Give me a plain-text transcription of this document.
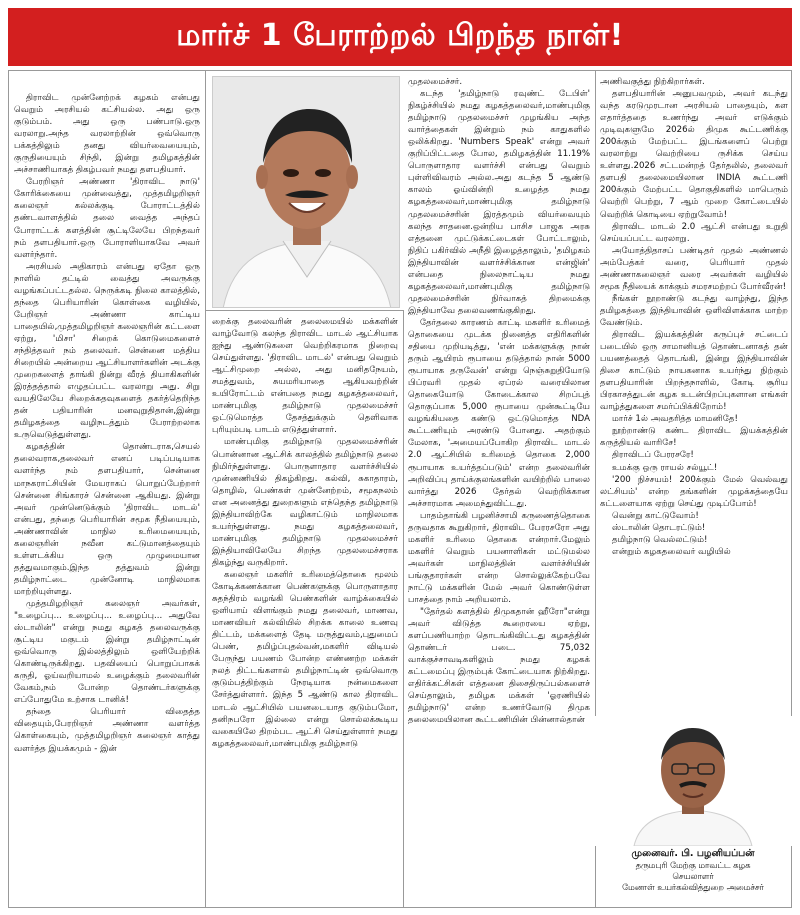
மார்ச் 1 பேராற்றல் பிறந்த நாள்!

திராவிட முன்னேற்றக் கழகம் என்பது வெறும் அரசியல் கட்சியல்ல. அது ஒரு குடும்பம். அது ஒரு பண்பாடு.ஒரு வரலாறு.அந்த வரலாற்றின் ஒவ்வொரு பக்கத்திலும் தனது வியர்வையையும், குருதியையும் சிந்தி, இன்று தமிழகத்தின் அச்சாணியாகத் திகழ்பவர் நமது தளபதியார்.

பேரறிஞர் அண்ணா 'திராவிட நாடு' கோரிக்கையை முன்வைத்து, முத்தமிழறிஞர் கலைஞர் கல்லக்குடி போராட்டத்தில் தண்டவாளத்தில் தலை வைத்த அந்தப் போராட்டக் களத்தின் சூட்டிலேயே பிறந்தவர் நம் தளபதியார்.ஒரு போராளியாகவே அவர் வளர்ந்தார்.

அரசியல் அதிகாரம் என்பது ஏதோ ஒரு நாளில் தட்டில் வைத்து அவருக்கு வழங்கப்பட்டதல்ல. நெருக்கடி நிலை காலத்தில், தந்தை பெரியாரின் கொள்கை வழியில், பேறிஞர் அண்ணா காட்டிய பாதையில்,முத்தமிழறிஞர் கலைஞரின் கட்டளை ஏற்று, 'மிசா' சிறைக் கொடுமைகளைச் சந்தித்தவர் நம் தலைவர். சென்னை மத்திய சிறையில் அன்றைய ஆட்சியாளர்களின் அடக்கு முறைகளைத் தாங்கி நின்று வீரத் தியாகிகளின் இரத்தத்தால் எழுதப்பட்ட வரலாறு அது. சிறு வயதிலேயே சிறைக்கதவுகளைத் தகர்த்தெறிந்த தன் பதியாரின் மனவுறுதிதான்,இன்று தமிழகத்தை வழிநடத்தும் பேராற்றலாக உருவெடுத்துள்ளது.

கழகத்தின் தொண்டராக,செயல் தலைவராக,தலைவர் எனப் படிப்படியாக வளர்ந்த நம் தளபதியார், சென்னை மாநகராட்சியின் மேயராகப் பொறுப்பேற்றார் சென்னை சிங்காரச் சென்னை ஆகியது. இன்று அவர் முன்னெடுக்கும் 'திராவிட மாடல்' என்பது, தந்தை பெரியாரின் சமூக நீதியையும், அண்ணாவின் மாநில உரிமையையும், கலைஞரின் நவீன கட்டுமானத்தையும் உள்ளடக்கிய ஒரு முழுமையான தத்துவமாகும்.இந்த தத்துவம் இன்று தமிழ்நாட்டை முன்னோடி மாநிலமாக மாற்றியுள்ளது.

முத்தமிழறிஞர் கலைஞர் அவர்கள், "உழைப்பு... உழைப்பு... உழைப்பு... அதுவே ஸ்டாலின்" என்று நமது கழகத் தலைவருக்கு சூட்டிய மகுடம் இன்று தமிழ்நாட்டின் ஒவ்வொரு இல்லத்திலும் ஒளியேற்றிக் கொண்டிருக்கிறது. பதவியைப் பொறுப்பாகக் கருதி, ஓய்வறியாமல் உழைக்கும் தலைவரின் வேகம்,நம் போன்ற தொண்டர்களுக்கு எப்போதுமே உற்சாக டானிக்!

தந்தை பெரியார் விதைத்த விதையும்,பேரறிஞர் அண்ணா வளர்த்த கொள்கையும், முத்தமிழறிஞர் கலைஞர் காத்து வளர்த்த இயக்கமும் - இன்

றைக்கு தலைவரின் தலைமையில் மக்களின் வாழ்வோடு கலந்த திராவிட மாடல் ஆட்சியாக ஐந்து ஆண்டுகளை வெற்றிகரமாக நிறைவு செய்துள்ளது. 'திராவிட மாடல்' என்பது வெறும் ஆட்சிமுறை அல்ல, அது மனிதநேயம், சமத்துவம், சுயமரியாதை ஆகியவற்றின் உயிரோட்டம் என்பதை நமது கழகத்தலைவர், மாண்புமிகு தமிழ்நாடு முதலமைச்சர் ஒட்டுமொத்த தேசத்துக்கும் தெளிவாக புரியும்படி பாடம் எடுத்துள்ளார்.

மாண்புமிகு தமிழ்நாடு முதலமைச்சரின் பொன்னான ஆட்சிக் காலத்தில் தமிழ்நாடு தலை நிமிர்ந்துள்ளது. பொருளாதார வளர்ச்சியில் முன்னணியில் திகழ்கிறது. கல்வி, சுகாதாரம், தொழில், பெண்கள் முன்னேற்றம், சமூகநலம் என அனைத்து துறைகளும் எந்தெந்த தமிழ்நாடு இந்தியாவிற்கே வழிகாட்டும் மாநிலமாக உயர்ந்துள்ளது. நமது கழகத்தலைவர், மாண்புமிகு தமிழ்நாடு முதலமைச்சர் இந்தியாவிலேயே சிறந்த முதலமைச்சராக திகழ்ந்து வருகிறார்.

கலைஞர் மகளிர் உரிமைத்தொகை மூலம் கோடிக்கணக்கான பெண்களுக்கு பொருளாதார சுதந்திரம் வழங்கி பெண்களின் வாழ்க்கையில் ஒளியாய் விளங்கும் நமது தலைவர், மாணவ, மாணவியர் கல்வியில் சிறக்க காலை உணவு திட்டம், மக்களைத் தேடி மருத்துவம்,புதுமைப் பெண், தமிழ்ப்புதல்வன்,மகளிர் விடியல் பேருந்து பயணம் போன்ற எண்ணற்ற மக்கள் நலத் திட்டங்களால் தமிழ்நாட்டின் ஒவ்வொரு குடும்பத்திற்கும் நேரடியாக நன்மைகளை சேர்த்துள்ளார். இந்த 5 ஆண்டு கால திராவிட மாடல் ஆட்சியில் பயனடையாத குடும்பமோ, தனிநபரோ இல்லை என்று சொல்லக்கூடிய வகையிலே திறம்பட ஆட்சி செய்துள்ளார் நமது கழகத்தலைவர்,மாண்புமிகு தமிழ்நாடு

முதலமைச்சர்.

கடந்த 'தமிழ்நாடு ரவுண்ட் டேபிள்' நிகழ்ச்சியில் நமது கழகத்தலைவர்,மாண்புமிகு தமிழ்நாடு முதலமைச்சர் முழங்கிய அந்த வார்த்தைகள் இன்றும் நம் காதுகளில் ஒலிக்கிறது. 'Numbers Speak' என்று அவர் குறிப்பிட்டதை போல, தமிழகத்தின் 11.19% பொருளாதார வளர்ச்சி என்பது வெறும் புள்ளிவிவரம் அல்ல.அது கடந்த 5 ஆண்டு காலம் ஓய்வின்றி உழைத்த நமது கழகத்தலைவர்,மாண்புமிகு தமிழ்நாடு முதலமைச்சரின் இரத்தமும் வியர்வையும் கலந்த சாதனை.ஒன்றிய பாசிச பாஜக அரசு எத்தனை முட்டுக்கட்டைகள் போட்டாலும், நிதிப் பகிர்வில் அநீதி இழைத்தாலும், 'தமிழகம் இந்தியாவின் வளர்ச்சிக்கான என்ஜின்' என்பதை நிலைநாட்டிய நமது கழகத்தலைவர்,மாண்புமிகு தமிழ்நாடு முதலமைச்சரின் நிர்வாகத் திறமைக்கு இந்தியாவே தலைவணங்குகிறது.

தேர்தலை காரணம் காட்டி மகளிர் உரிமைத் தொகையை முடக்க நினைத்த எதிரிகளின் சதியை முறியடித்து, 'என் மக்களுக்கு நான் தரும் ஆயிரம் ரூபாயை தடுத்தால் நான் 5000 ரூபாயாக தருவேன்' என்று நெஞ்சுறுதியோடு பிப்ரவரி முதல் ஏப்ரல் வரையிலான தொகையோடு கோடைக்கால சிறப்புத் தொகுப்பாக 5,000 ரூபாயை முன்கூட்டியே வழங்கியதை கண்டு ஒட்டுமொத்த NDA கூட்டணியும் அரண்டு போனது. அதற்கும் மேலாக, 'அமையப்போகிற திராவிட மாடல் 2.0 ஆட்சியில் உரிமைத் தொகை 2,000 ரூபாயாக உயர்த்தப்படும்' என்ற தலைவரின் அறிவிப்பு தாய்க்குலங்களின் வயிற்றில் பாலை வார்த்து 2026 தேர்தல் வெற்றிக்கான அச்சாரமாக அமைந்துவிட்டது.

பாதம்தாங்கி பழனிச்சாமி கருணைத்தொகை தருவதாக கூறுகிறார், திராவிட பேரரசரோ அது மகளிர் உரிமை தொகை என்றார்.மேலும் மகளிர் வெறும் பயனாளிகள் மட்டுமல்ல அவர்கள் மாநிலத்தின் வளர்ச்சியின் பங்குதாரர்கள் என்ற சொல்லுக்கேற்பவே நாட்டு மக்களின் மேல் அவர் கொண்டுள்ள பாசத்தை நாம் அறியலாம்.

"தேர்தல் களத்தில் திமுகதான் ஹீரோ"என்று அவர் விடுத்த கூறைரயை ஏற்று, களப்பணியாற்ற தொடங்கிவிட்டது கழகத்தின் தொண்டர் படை. 75,032 வாக்குச்சாவடிகளிலும் நமது கழகக் கட்டமைப்பு இரும்புக் கோட்டையாக நிற்கிறது. எதிர்க்கட்சிகள் எத்தனை திசைதிருப்பல்களைச் செய்தாலும், தமிழக மக்கள் 'ஓரணியில் தமிழ்நாடு' என்ற உணர்வோடு திமுக தலைமையிலான கூட்டணியின் பின்னால்தான்

அணிவகுத்து நிற்கிறார்கள்.

தளபதியாரின் அனுபவமும், அவர் கடந்து வந்த கரடுமுரடான அரசியல் பாதையும், கள எதார்த்ததை உணர்ந்து அவர் எடுக்கும் முடிவுகளுமே 2026ல் திமுக கூட்டணிக்கு 200க்கும் மேற்பட்ட இடங்களைப் பெற்று வரலாற்று வெற்றியை ருசிக்க செய்ய உள்ளது.2026 சட்டமன்றத் தேர்தலில், தலைவர் தளபதி தலைமையிலான INDIA கூட்டணி 200க்கும் மேற்பட்ட தொகுதிகளில் மாபெரும் வெற்றி பெற்று, 7 ஆம் முறை கோட்டையில் வெற்றிக் கொடியை ஏற்றுவோம்!

திராவிட மாடல் 2.0 ஆட்சி என்பது உறுதி செய்யப்பட்ட வரலாறு.

அயோத்திதாசப் பண்டிதர் முதல் அண்ணல் அம்பேத்கர் வரை, பெரியார் முதல் அண்ணாகலைஞர் வரை அவர்கள் வழியில் சமூக நீதியைக் காக்கும் சமரசமற்றப் போர்வீரன்!

நீங்கள் நூறாண்டு கடந்து வாழ்ந்து, இந்த தமிழகத்தை இந்தியாவின் ஒளிவிளக்காக மாற்ற வேண்டும்.

திராவிட இயக்கத்தின் கருப்புச் சட்டைப் படையில் ஒரு சாமானியத் தொண்டனாகத் தன் பயணத்தைத் தொடங்கி, இன்று இந்தியாவின் திசை காட்டும் நாயகனாக உயர்ந்து நிற்கும் தளபதியாரின் பிறந்தநாளில், கோடி சூரிய பிரகாசத்துடன் கழக உடன்பிறப்புகளான எங்கள் வாழ்த்துகளை சமர்ப்பிக்கிறோம்!

மார்ச் 1ல் அவதரித்த மாமனிதே!

நூற்றாண்டு கண்ட திராவிட இயக்கத்தின் கருத்தியல் வாரிசே!

திராவிடப் பேரரசரே!

உமக்கு ஒரு ராயல் சல்யூட்!

'200 நிச்சயம்! 200க்கும் மேல் வெல்வது லட்சியம்' என்ற தங்களின் முழக்கத்தையே கட்டளையாக ஏற்று செய்து முடிப்போம்!

வென்று காட்டுவோம்!

ஸ்டாலின் தொடரட்டும்!

தமிழ்நாடு வெல்லட்டும்!

என்றும் கழகதலைவர் வழியில்

முனைவர். பி. பழனியப்பன்
தருமபுரி மேற்கு மாவட்ட கழக
செயலாளர்
மேனாள் உயர்கல்வித்துறை அமைச்சர்
